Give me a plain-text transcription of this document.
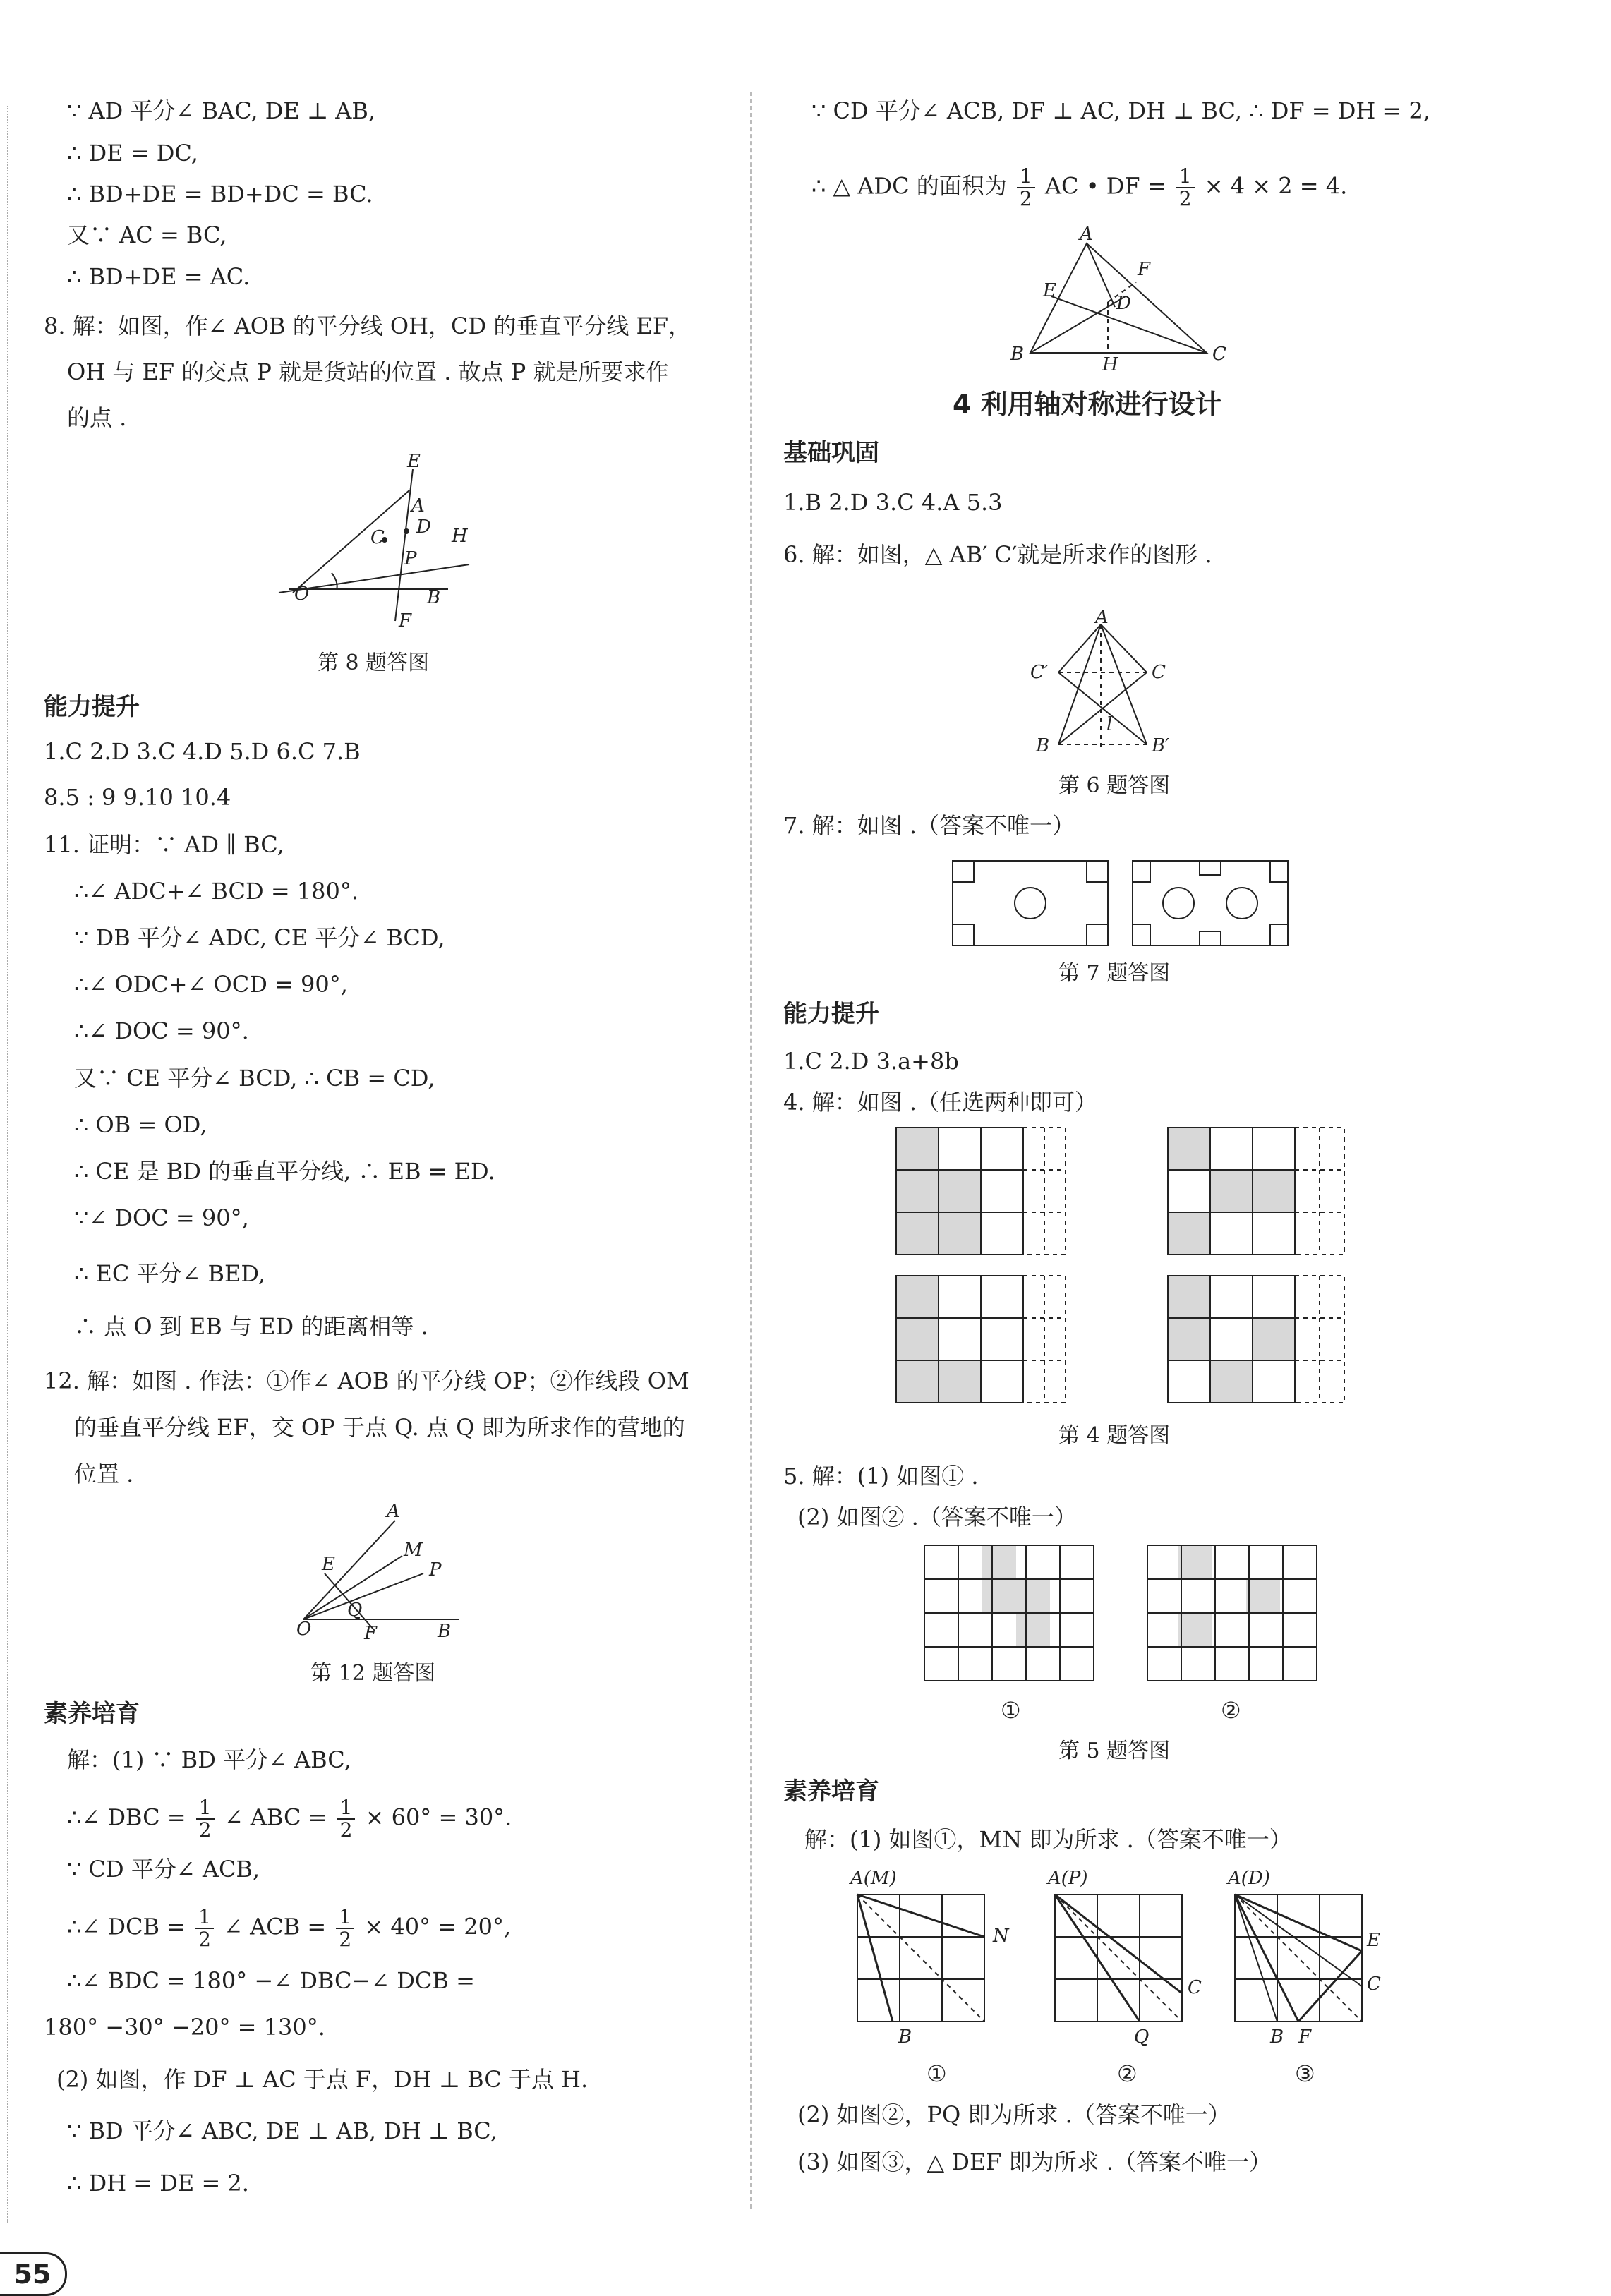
∵ AD 平分∠ BAC, DE ⊥ AB,
∴ DE = DC,
∴ BD+DE = BD+DC = BC.
又∵ AC = BC,
∴ BD+DE = AC.
8. 解：如图，作∠ AOB 的平分线 OH，CD 的垂直平分线 EF，
OH 与 EF 的交点 P 就是货站的位置 . 故点 P 就是所要求作
的点 .
E
A
D H
C
P
O	B
F
第 8 题答图
能力提升
1.C 2.D 3.C 4.D 5.D 6.C 7.B
8.5 : 9 9.10 10.4
11. 证明：∵ AD ∥ BC,
∴∠ ADC+∠ BCD = 180°.
∵ DB 平分∠ ADC, CE 平分∠ BCD,
∴∠ ODC+∠ OCD = 90°,
∴∠ DOC = 90°.
又∵ CE 平分∠ BCD, ∴ CB = CD,
∴ OB = OD,
∴ CE 是 BD 的垂直平分线, ∴ EB = ED.
∵∠ DOC = 90°,
∴ EC 平分∠ BED,
∴ 点 O 到 EB 与 ED 的距离相等 .
12. 解：如图 . 作法：①作∠ AOB 的平分线 OP；②作线段 OM
的垂直平分线 EF，交 OP 于点 Q. 点 Q 即为所求作的营地的
位置 .
A
E
M
P
Q
O	F	B
第 12 题答图
素养培育
解：(1) ∵ BD 平分∠ ABC,
∴∠ DBC = $\frac{1}{2}$ ∠ ABC = $\frac{1}{2} \times 60^\circ = 30^\circ$.
∵ CD 平分∠ ACB,
∴∠ DCB = $\frac{1}{2}$ ∠ ACB = $\frac{1}{2} \times 40^\circ = 20^\circ$,
∴∠ BDC = 180° −∠ DBC−∠ DCB =
180° −30° −20° = 130°.
(2) 如图，作 DF ⊥ AC 于点 F，DH ⊥ BC 于点 H.
∵ BD 平分∠ ABC, DE ⊥ AB, DH ⊥ BC,
∴ DH = DE = 2.
∵ CD 平分∠ ACB, DF ⊥ AC, DH ⊥ BC, ∴ DF = DH = 2,
∴ △ ADC 的面积为 $\frac{1}{2}$ AC • DF = $\frac{1}{2} \times 4 \times 2 = 4$.
A
F
E
D
B	H	C
4 利用轴对称进行设计
基础巩固
1.B 2.D 3.C 4.A 5.3
6. 解：如图，△ AB′ C′就是所求作的图形 .
A
C′	C
l
B	B′
第 6 题答图
7. 解：如图 .（答案不唯一）
第 7 题答图
能力提升
1.C 2.D 3.a+8b
4. 解：如图 .（任选两种即可）
第 4 题答图
5. 解：(1) 如图① .
(2) 如图② .（答案不唯一）
①	②
第 5 题答图
素养培育
解：(1) 如图①，MN 即为所求 .（答案不唯一）
A(M)
N
B
①
A(P)
C
Q
②
A(D)
E
C
B F
③
(2) 如图②，PQ 即为所求 .（答案不唯一）
(3) 如图③，△ DEF 即为所求 .（答案不唯一）
55
